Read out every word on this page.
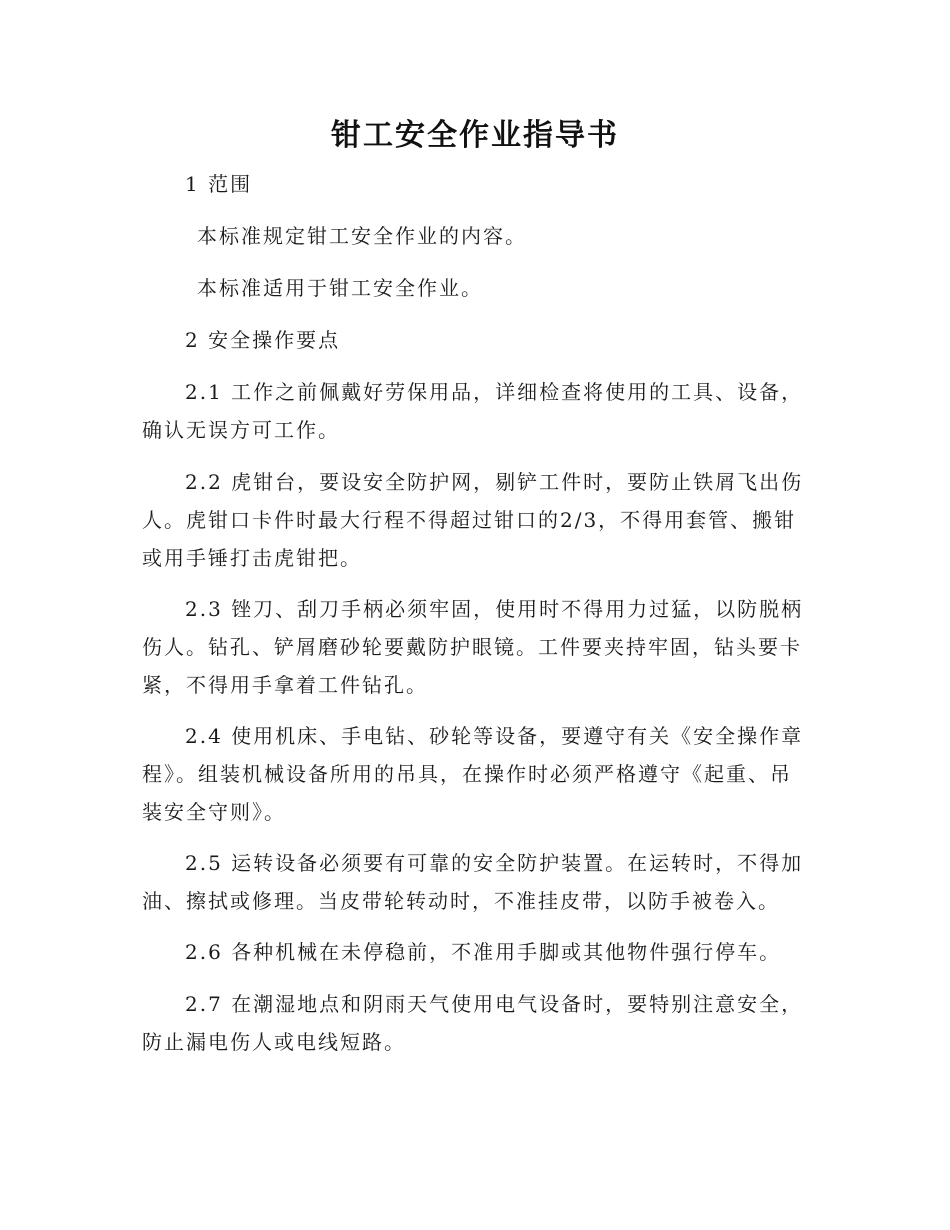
钳工安全作业指导书

1 范围

本标准规定钳工安全作业的内容。

本标准适用于钳工安全作业。

2 安全操作要点

2.1 工作之前佩戴好劳保用品，详细检查将使用的工具、设备，确认无误方可工作。

2.2 虎钳台，要设安全防护网，剔铲工件时，要防止铁屑飞出伤人。虎钳口卡件时最大行程不得超过钳口的2/3，不得用套管、搬钳或用手锤打击虎钳把。

2.3 锉刀、刮刀手柄必须牢固，使用时不得用力过猛，以防脱柄伤人。钻孔、铲屑磨砂轮要戴防护眼镜。工件要夹持牢固，钻头要卡紧，不得用手拿着工件钻孔。

2.4 使用机床、手电钻、砂轮等设备，要遵守有关《安全操作章程》。组装机械设备所用的吊具，在操作时必须严格遵守《起重、吊装安全守则》。

2.5 运转设备必须要有可靠的安全防护装置。在运转时，不得加油、擦拭或修理。当皮带轮转动时，不准挂皮带，以防手被卷入。

2.6 各种机械在未停稳前，不准用手脚或其他物件强行停车。

2.7 在潮湿地点和阴雨天气使用电气设备时，要特别注意安全，防止漏电伤人或电线短路。
